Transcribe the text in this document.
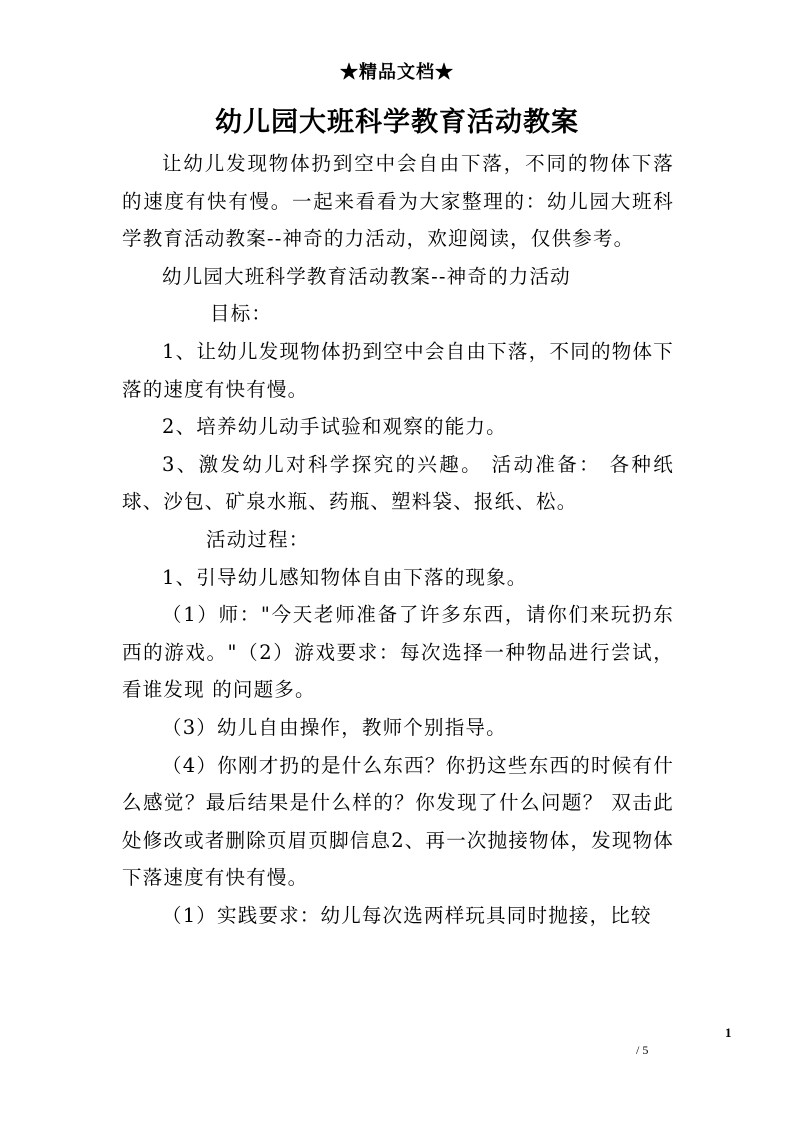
★精品文档★
幼儿园大班科学教育活动教案

让幼儿发现物体扔到空中会自由下落，不同的物体下落的速度有快有慢。一起来看看为大家整理的：幼儿园大班科学教育活动教案--神奇的力活动，欢迎阅读，仅供参考。

幼儿园大班科学教育活动教案--神奇的力活动

目标：

1、让幼儿发现物体扔到空中会自由下落，不同的物体下落的速度有快有慢。

2、培养幼儿动手试验和观察的能力。

3、激发幼儿对科学探究的兴趣。 活动准备： 各种纸球、沙包、矿泉水瓶、药瓶、塑料袋、报纸、松。

活动过程：

1、引导幼儿感知物体自由下落的现象。

（1）师："今天老师准备了许多东西，请你们来玩扔东 西的游戏。"（2）游戏要求：每次选择一种物品进行尝试，看谁发现 的问题多。

（3）幼儿自由操作，教师个别指导。

（4）你刚才扔的是什么东西？你扔这些东西的时候有什 么感觉？最后结果是什么样的？你发现了什么问题？ 双击此处修改或者删除页眉页脚信息2、再一次抛接物体，发现物体下落速度有快有慢。

（1）实践要求：幼儿每次选两样玩具同时抛接，比较

1
/ 5
